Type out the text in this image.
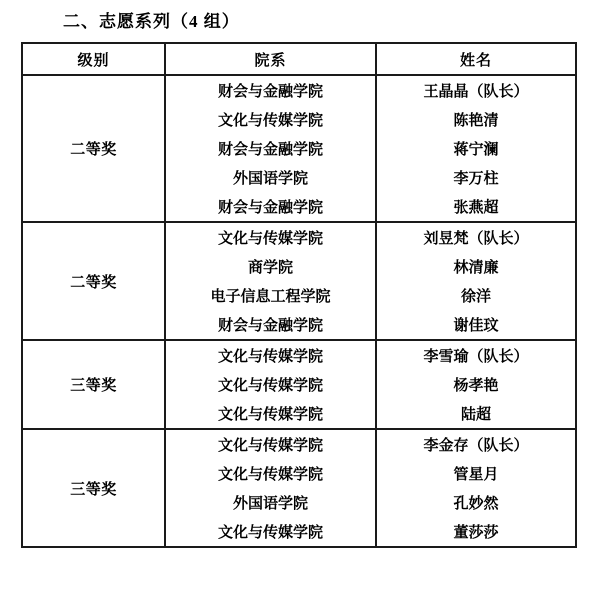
二、志愿系列（4 组）
级别	院系	姓名
二等奖	财会与金融学院	王晶晶（队长）
	文化与传媒学院	陈艳清
	财会与金融学院	蒋宁澜
	外国语学院	李万柱
	财会与金融学院	张燕超
二等奖	文化与传媒学院	刘昱梵（队长）
	商学院	林清廉
	电子信息工程学院	徐洋
	财会与金融学院	谢佳玟
三等奖	文化与传媒学院	李雪瑜（队长）
	文化与传媒学院	杨孝艳
	文化与传媒学院	陆超
三等奖	文化与传媒学院	李金存（队长）
	文化与传媒学院	管星月
	外国语学院	孔妙然
	文化与传媒学院	董莎莎
